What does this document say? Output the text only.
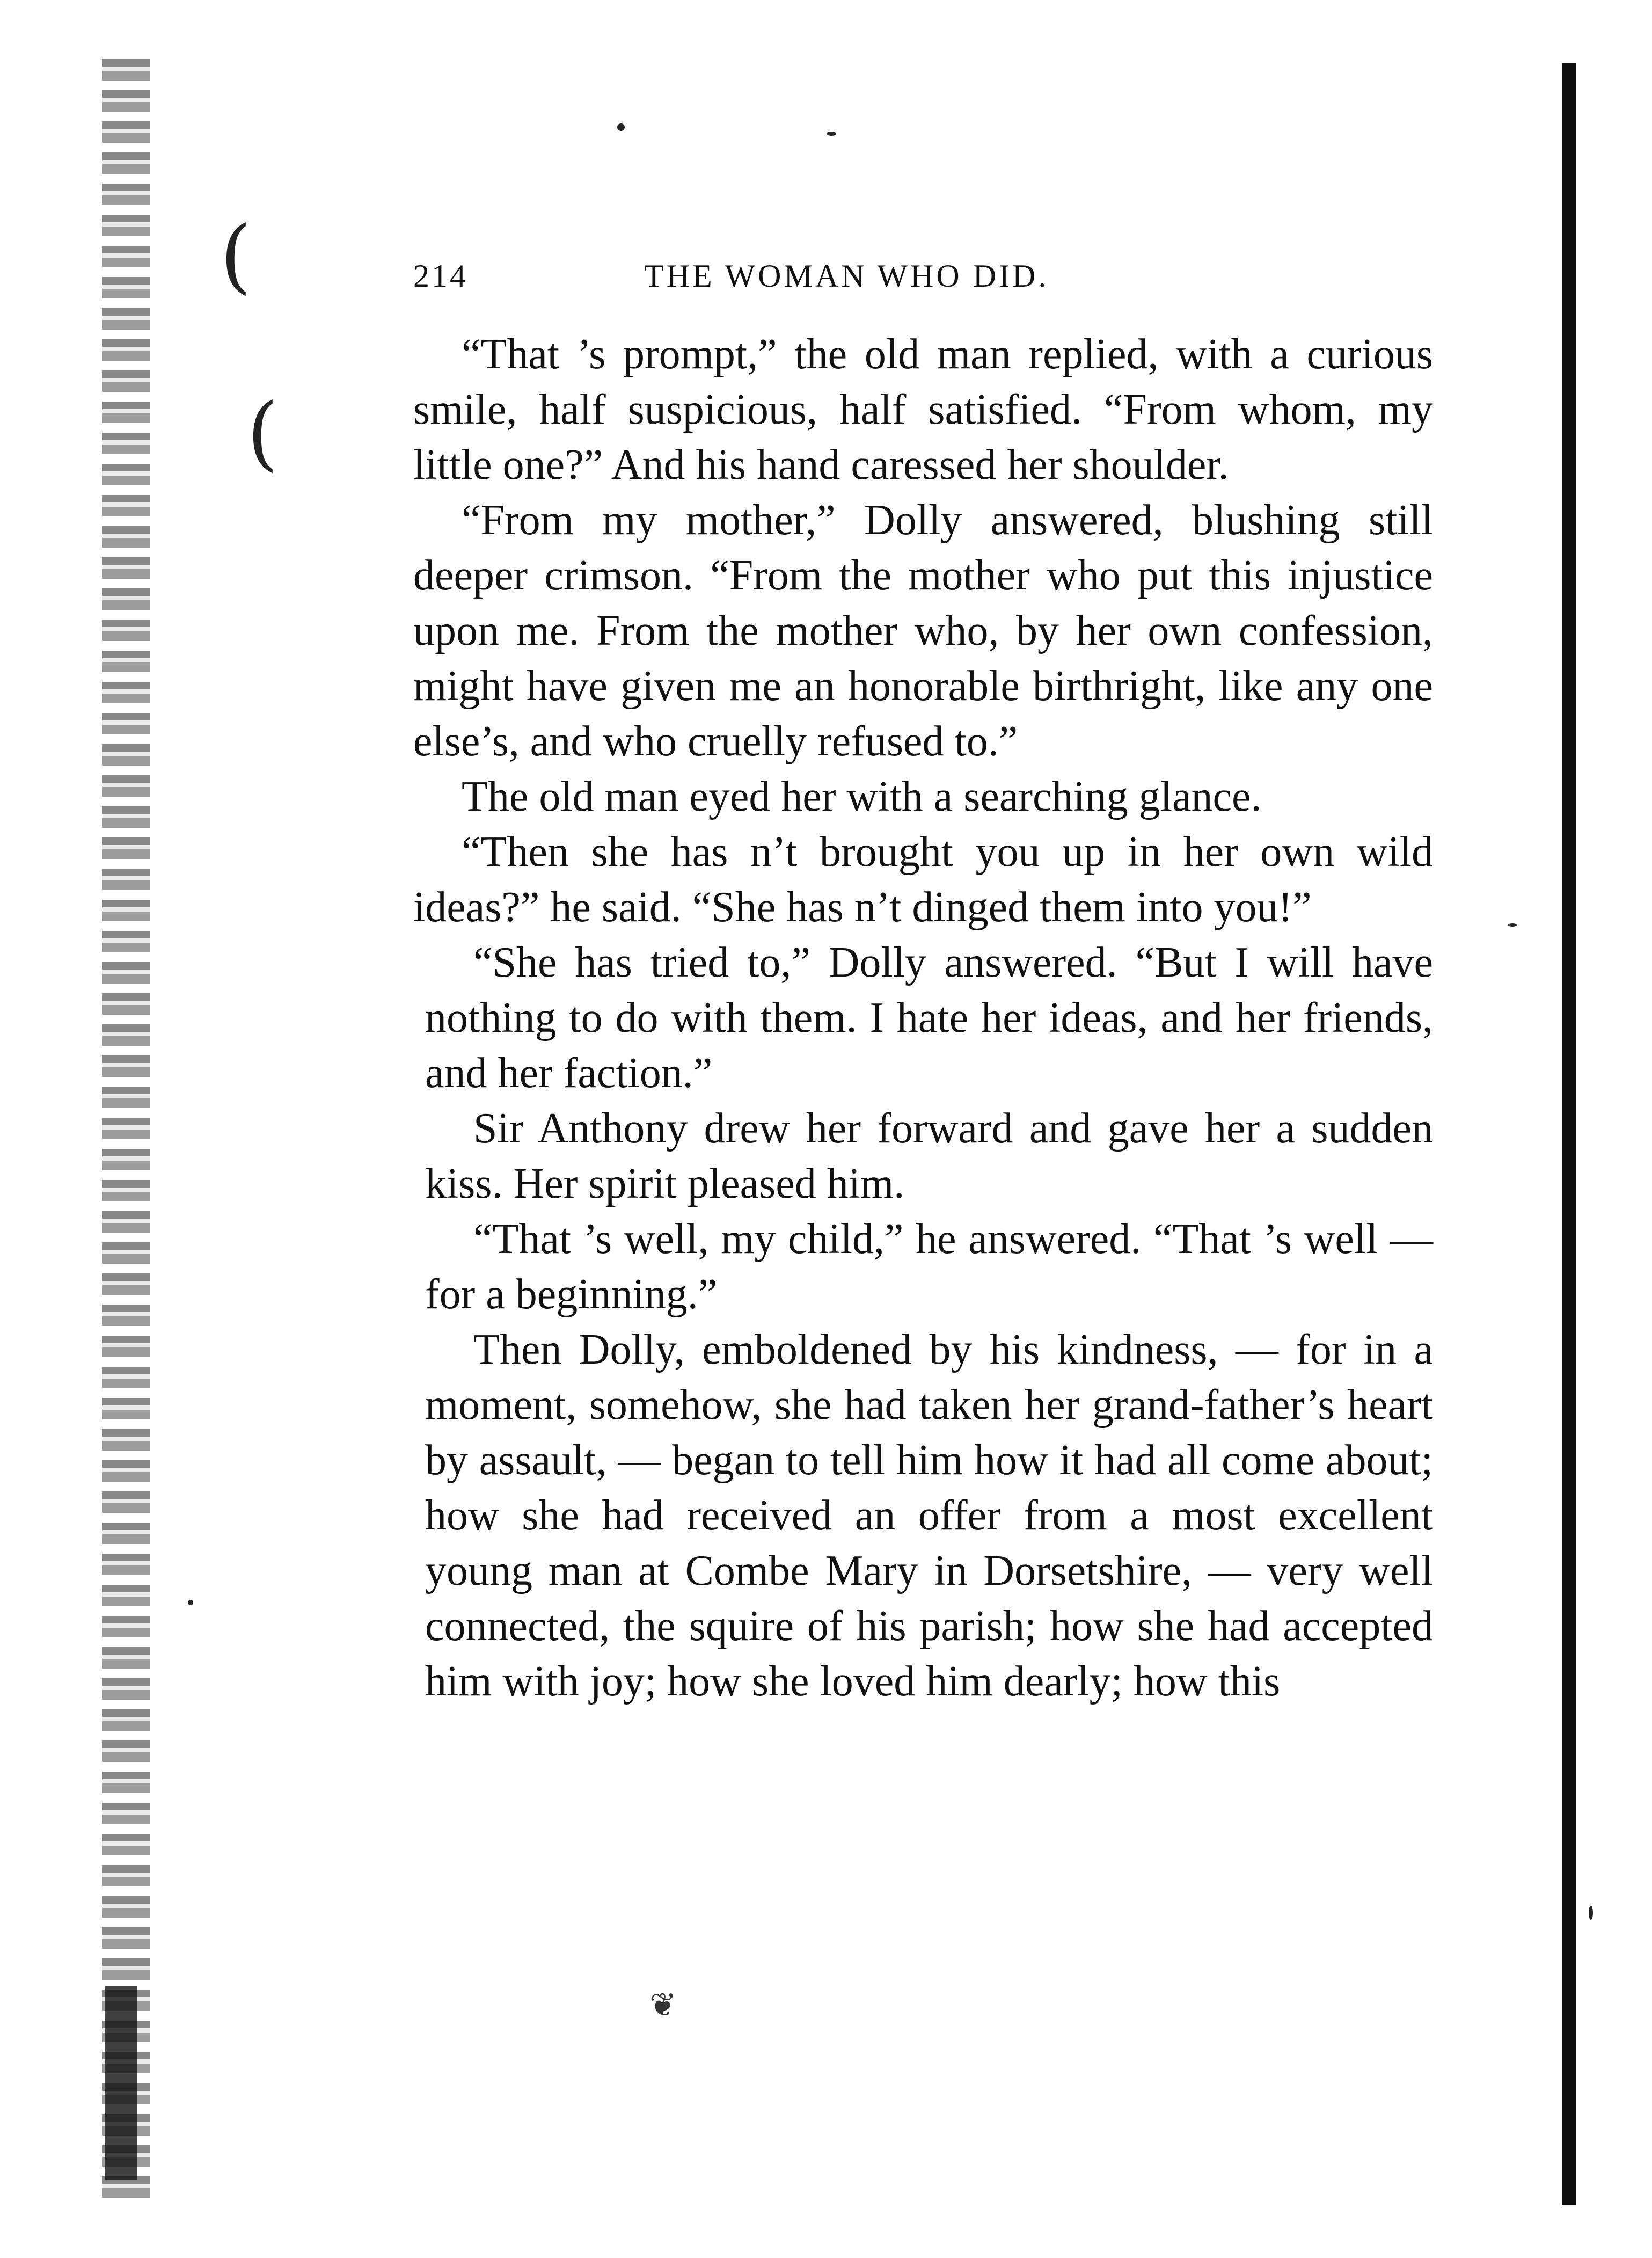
(
(
❦
214	THE WOMAN WHO DID.

“That ’s prompt,” the old man replied, with a curious smile, half suspicious, half satisfied. “From whom, my little one?” And his hand caressed her shoulder.

“From my mother,” Dolly answered, blushing still deeper crimson. “From the mother who put this injustice upon me. From the mother who, by her own confession, might have given me an honorable birthright, like any one else’s, and who cruelly refused to.”

The old man eyed her with a searching glance.

“Then she has n’t brought you up in her own wild ideas?” he said. “She has n’t dinged them into you!”

“She has tried to,” Dolly answered. “But I will have nothing to do with them. I hate her ideas, and her friends, and her faction.”

Sir Anthony drew her forward and gave her a sudden kiss. Her spirit pleased him.

“That ’s well, my child,” he answered. “That ’s well — for a beginning.”

Then Dolly, emboldened by his kindness, — for in a moment, somehow, she had taken her grand-father’s heart by assault, — began to tell him how it had all come about; how she had received an offer from a most excellent young man at Combe Mary in Dorsetshire, — very well connected, the squire of his parish; how she had accepted him with joy; how she loved him dearly; how this
